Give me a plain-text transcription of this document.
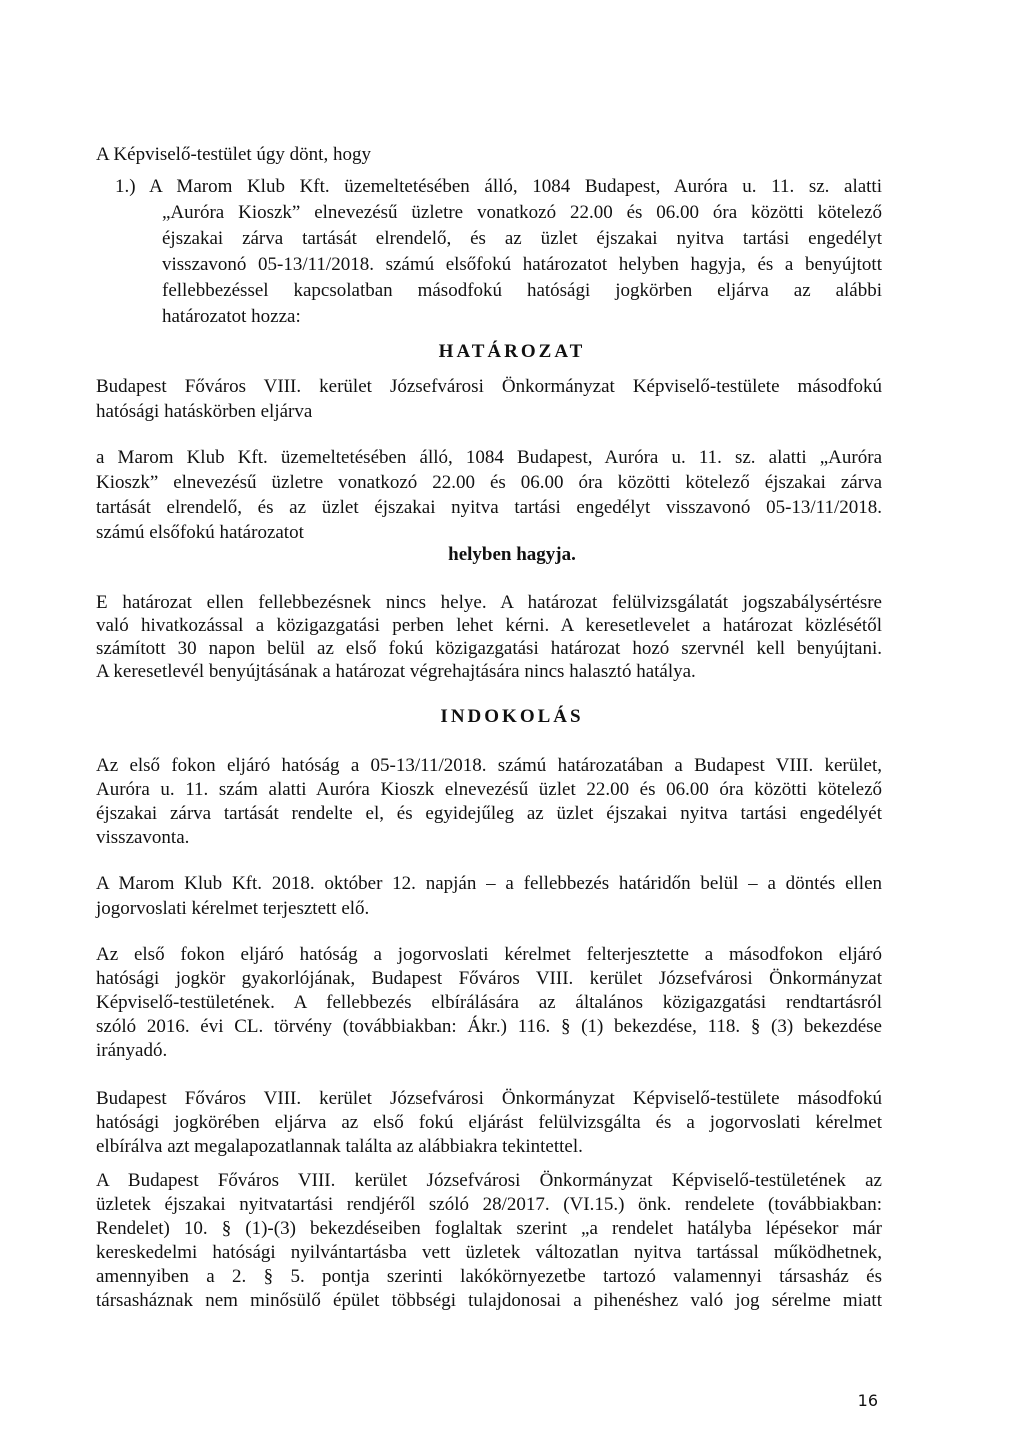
A Képviselő-testület úgy dönt, hogy
1.) A Marom Klub Kft. üzemeltetésében álló, 1084 Budapest, Auróra u. 11. sz. alatti
„Auróra Kioszk” elnevezésű üzletre vonatkozó 22.00 és 06.00 óra közötti kötelező
éjszakai zárva tartását elrendelő, és az üzlet éjszakai nyitva tartási engedélyt
visszavonó 05-13/11/2018. számú elsőfokú határozatot helyben hagyja, és a benyújtott
fellebbezéssel kapcsolatban másodfokú hatósági jogkörben eljárva az alábbi
határozatot hozza:
HATÁROZAT
Budapest Főváros VIII. kerület Józsefvárosi Önkormányzat Képviselő-testülete másodfokú
hatósági hatáskörben eljárva
a Marom Klub Kft. üzemeltetésében álló, 1084 Budapest, Auróra u. 11. sz. alatti „Auróra
Kioszk” elnevezésű üzletre vonatkozó 22.00 és 06.00 óra közötti kötelező éjszakai zárva
tartását elrendelő, és az üzlet éjszakai nyitva tartási engedélyt visszavonó 05-13/11/2018.
számú elsőfokú határozatot
helyben hagyja.
E határozat ellen fellebbezésnek nincs helye. A határozat felülvizsgálatát jogszabálysértésre
való hivatkozással a közigazgatási perben lehet kérni. A keresetlevelet a határozat közlésétől
számított 30 napon belül az első fokú közigazgatási határozat hozó szervnél kell benyújtani.
A keresetlevél benyújtásának a határozat végrehajtására nincs halasztó hatálya.
INDOKOLÁS
Az első fokon eljáró hatóság a 05-13/11/2018. számú határozatában a Budapest VIII. kerület,
Auróra u. 11. szám alatti Auróra Kioszk elnevezésű üzlet 22.00 és 06.00 óra közötti kötelező
éjszakai zárva tartását rendelte el, és egyidejűleg az üzlet éjszakai nyitva tartási engedélyét
visszavonta.
A Marom Klub Kft. 2018. október 12. napján – a fellebbezés határidőn belül – a döntés ellen
jogorvoslati kérelmet terjesztett elő.
Az első fokon eljáró hatóság a jogorvoslati kérelmet felterjesztette a másodfokon eljáró
hatósági jogkör gyakorlójának, Budapest Főváros VIII. kerület Józsefvárosi Önkormányzat
Képviselő-testületének. A fellebbezés elbírálására az általános közigazgatási rendtartásról
szóló 2016. évi CL. törvény (továbbiakban: Ákr.) 116. § (1) bekezdése, 118. § (3) bekezdése
irányadó.
Budapest Főváros VIII. kerület Józsefvárosi Önkormányzat Képviselő-testülete másodfokú
hatósági jogkörében eljárva az első fokú eljárást felülvizsgálta és a jogorvoslati kérelmet
elbírálva azt megalapozatlannak találta az alábbiakra tekintettel.
A Budapest Főváros VIII. kerület Józsefvárosi Önkormányzat Képviselő-testületének az
üzletek éjszakai nyitvatartási rendjéről szóló 28/2017. (VI.15.) önk. rendelete (továbbiakban:
Rendelet) 10. § (1)-(3) bekezdéseiben foglaltak szerint „a rendelet hatályba lépésekor már
kereskedelmi hatósági nyilvántartásba vett üzletek változatlan nyitva tartással működhetnek,
amennyiben a 2. § 5. pontja szerinti lakókörnyezetbe tartozó valamennyi társasház és
társasháznak nem minősülő épület többségi tulajdonosai a pihenéshez való jog sérelme miatt
16
